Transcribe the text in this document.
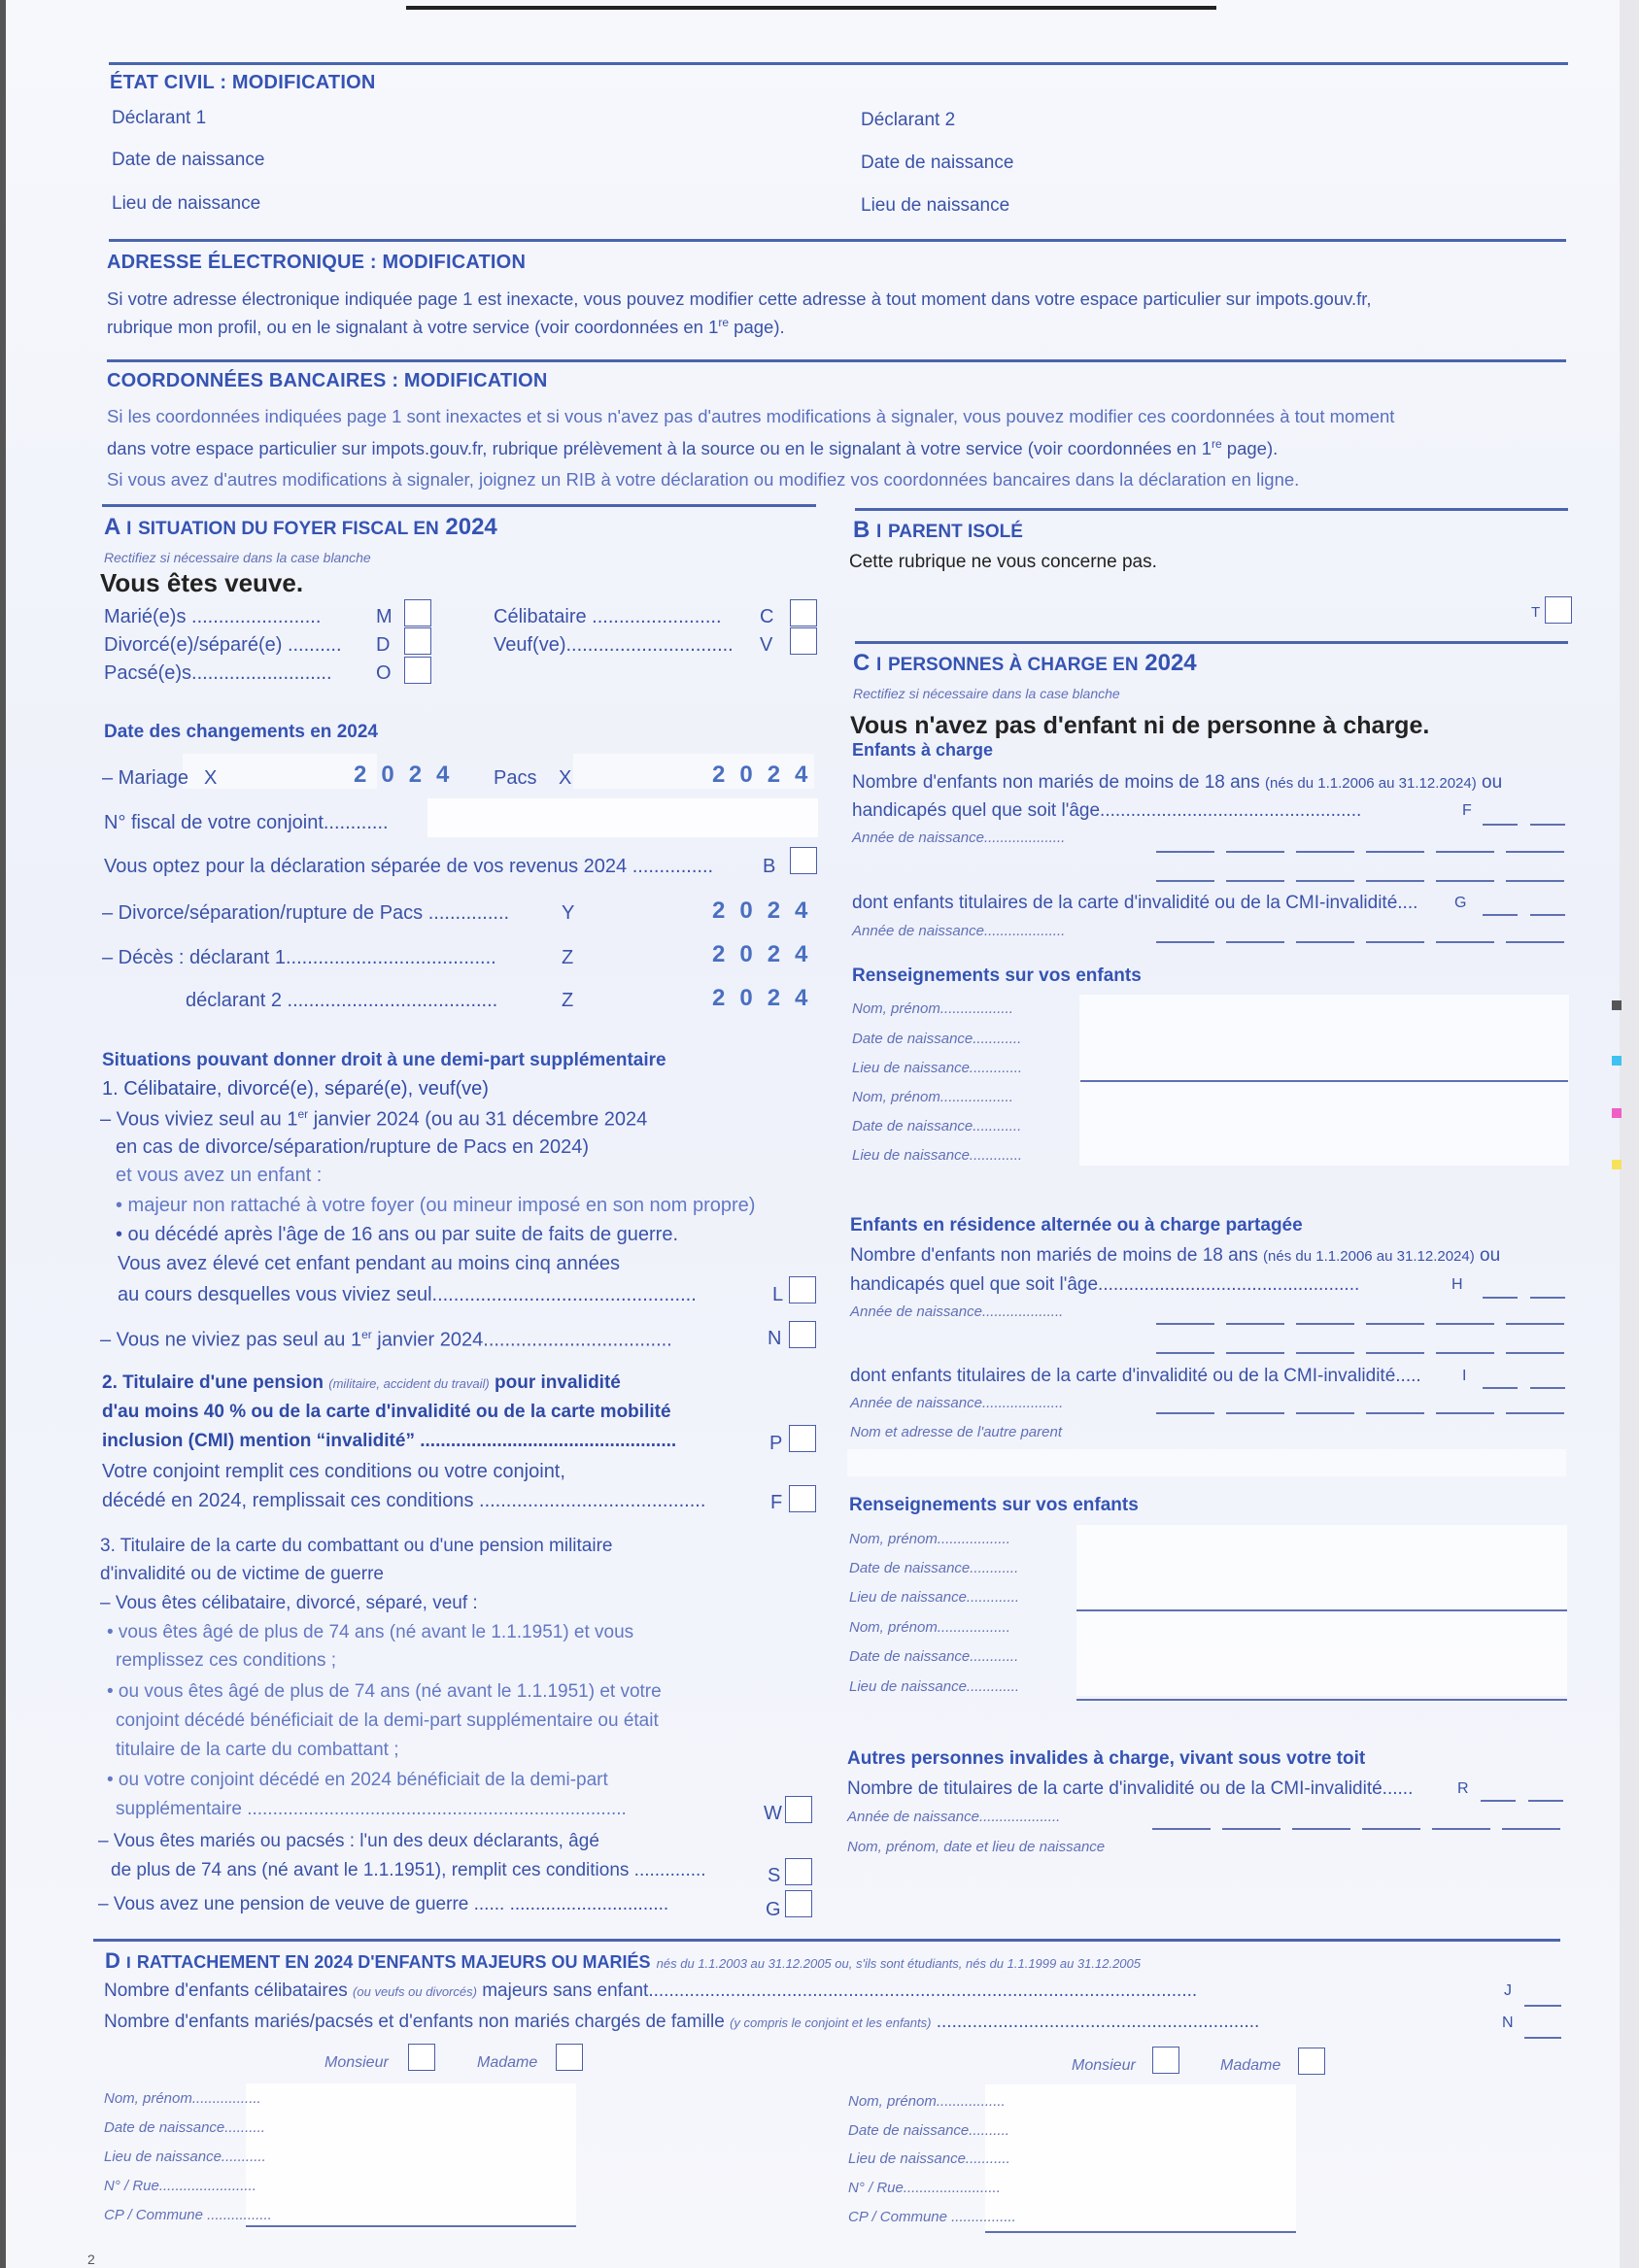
ÉTAT CIVIL : MODIFICATION
Déclarant 1
Date de naissance
Lieu de naissance
Déclarant 2
Date de naissance
Lieu de naissance
ADRESSE ÉLECTRONIQUE : MODIFICATION
Si votre adresse électronique indiquée page 1 est inexacte, vous pouvez modifier cette adresse à tout moment dans votre espace particulier sur impots.gouv.fr,
rubrique mon profil, ou en le signalant à votre service (voir coordonnées en 1re page).
COORDONNÉES BANCAIRES : MODIFICATION
Si les coordonnées indiquées page 1 sont inexactes et si vous n'avez pas d'autres modifications à signaler, vous pouvez modifier ces coordonnées à tout moment
dans votre espace particulier sur impots.gouv.fr, rubrique prélèvement à la source ou en le signalant à votre service (voir coordonnées en 1re page).
Si vous avez d'autres modifications à signaler, joignez un RIB à votre déclaration ou modifiez vos coordonnées bancaires dans la déclaration en ligne.
A I SITUATION DU FOYER FISCAL EN 2024
Rectifiez si nécessaire dans la case blanche
Vous êtes veuve.
Marié(e)s ........................	M
Divorcé(e)/séparé(e) .......... D
Pacsé(e)s.......................... O
Célibataire ........................ C
Veuf(ve)............................... V
Date des changements en 2024
– Mariage X	2024 Pacs X	2024
N° fiscal de votre conjoint............
Vous optez pour la déclaration séparée de vos revenus 2024 ...............	B
– Divorce/séparation/rupture de Pacs ...............	Y	2024
– Décès : déclarant 1.......................................	Z	2024
déclarant 2 .......................................	Z	2024
Situations pouvant donner droit à une demi-part supplémentaire
1. Célibataire, divorcé(e), séparé(e), veuf(ve)
– Vous viviez seul au 1er janvier 2024 (ou au 31 décembre 2024
en cas de divorce/séparation/rupture de Pacs en 2024)
et vous avez un enfant :
• majeur non rattaché à votre foyer (ou mineur imposé en son nom propre)
• ou décédé après l'âge de 16 ans ou par suite de faits de guerre.
Vous avez élevé cet enfant pendant au moins cinq années
au cours desquelles vous viviez seul.................................................	L
– Vous ne viviez pas seul au 1er janvier 2024...................................	N
2. Titulaire d'une pension (militaire, accident du travail) pour invalidité
d'au moins 40 % ou de la carte d'invalidité ou de la carte mobilité
inclusion (CMI) mention “invalidité” ..................................................	P
Votre conjoint remplit ces conditions ou votre conjoint,
décédé en 2024, remplissait ces conditions ..........................................	F
3. Titulaire de la carte du combattant ou d'une pension militaire
d'invalidité ou de victime de guerre
– Vous êtes célibataire, divorcé, séparé, veuf :
• vous êtes âgé de plus de 74 ans (né avant le 1.1.1951) et vous
remplissez ces conditions ;
• ou vous êtes âgé de plus de 74 ans (né avant le 1.1.1951) et votre
conjoint décédé bénéficiait de la demi-part supplémentaire ou était
titulaire de la carte du combattant ;
• ou votre conjoint décédé en 2024 bénéficiait de la demi-part
supplémentaire ..........................................................................	W
– Vous êtes mariés ou pacsés : l'un des deux déclarants, âgé
de plus de 74 ans (né avant le 1.1.1951), remplit ces conditions ..............	S
– Vous avez une pension de veuve de guerre ...... ...............................	G
B I PARENT ISOLÉ
Cette rubrique ne vous concerne pas.
T
C I PERSONNES À CHARGE EN 2024
Rectifiez si nécessaire dans la case blanche
Vous n'avez pas d'enfant ni de personne à charge.
Enfants à charge
Nombre d'enfants non mariés de moins de 18 ans (nés du 1.1.2006 au 31.12.2024) ou
handicapés quel que soit l'âge...................................................	F
Année de naissance....................
dont enfants titulaires de la carte d'invalidité ou de la CMI-invalidité.... G
Année de naissance....................
Renseignements sur vos enfants
Nom, prénom..................
Date de naissance............
Lieu de naissance.............
Nom, prénom..................
Date de naissance............
Lieu de naissance.............
Enfants en résidence alternée ou à charge partagée
Nombre d'enfants non mariés de moins de 18 ans (nés du 1.1.2006 au 31.12.2024) ou
handicapés quel que soit l'âge...................................................	H
Année de naissance....................
dont enfants titulaires de la carte d'invalidité ou de la CMI-invalidité.....	I
Année de naissance....................
Nom et adresse de l'autre parent
Renseignements sur vos enfants
Nom, prénom..................
Date de naissance............
Lieu de naissance.............
Nom, prénom..................
Date de naissance............
Lieu de naissance.............
Autres personnes invalides à charge, vivant sous votre toit
Nombre de titulaires de la carte d'invalidité ou de la CMI-invalidité......	R
Année de naissance....................
Nom, prénom, date et lieu de naissance
D I RATTACHEMENT EN 2024 D'ENFANTS MAJEURS OU MARIÉS nés du 1.1.2003 au 31.12.2005 ou, s'ils sont étudiants, nés du 1.1.1999 au 31.12.2005
Nombre d'enfants célibataires (ou veufs ou divorcés) majeurs sans enfant...........................................................................................................	J
Nombre d'enfants mariés/pacsés et d'enfants non mariés chargés de famille (y compris le conjoint et les enfants) ...............................................................	N
Monsieur	Madame
Nom, prénom.................
Date de naissance..........
Lieu de naissance...........
N° / Rue........................
CP / Commune ................
Monsieur	Madame
Nom, prénom.................
Date de naissance..........
Lieu de naissance...........
N° / Rue........................
CP / Commune ................
2
